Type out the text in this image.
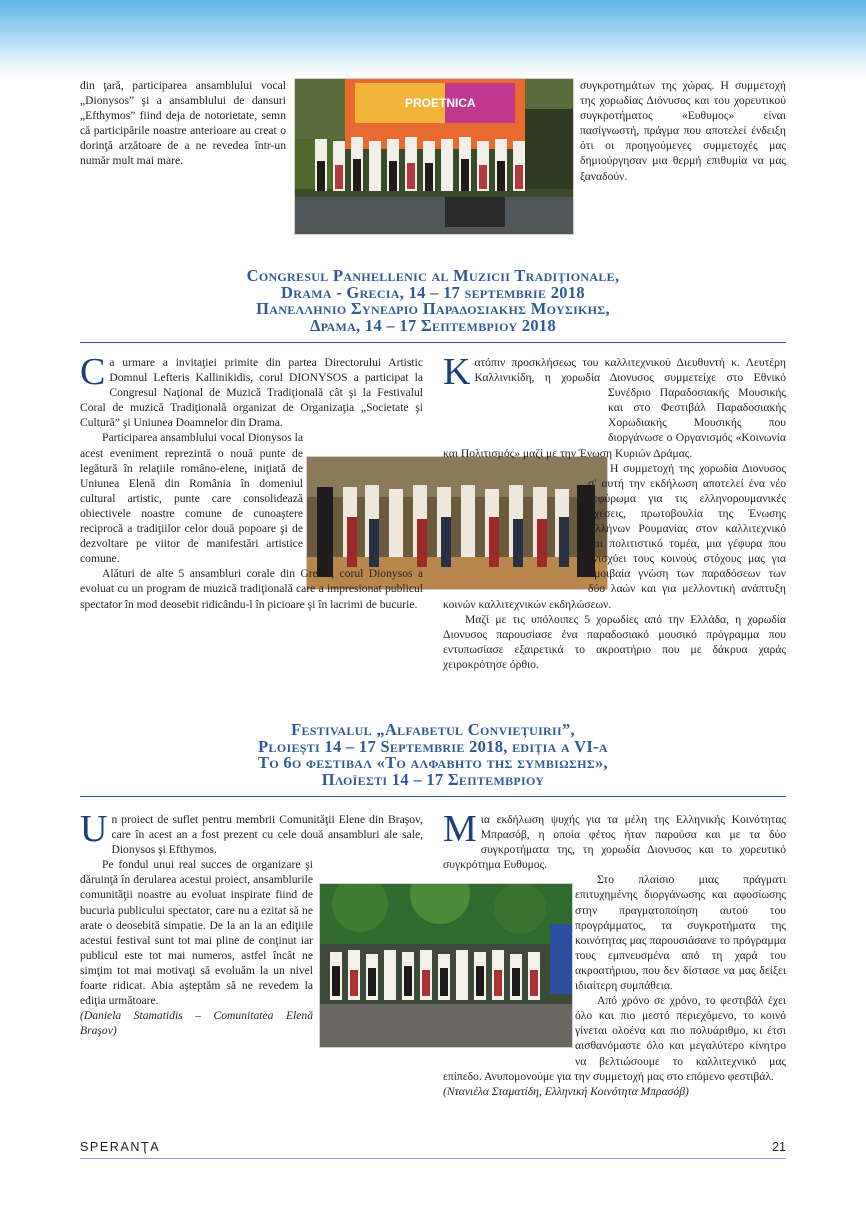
din ţară, participarea ansamblului vocal „Dionysos” şi a ansamblului de dansuri „Efthymos” fiind deja de notorietate, semn că participările noastre anterioare au creat o dorinţă arzătoare de a ne revedea într-un număr mult mai mare.

PROETNICA

συγκροτημάτων της χώρας. Η συμμετοχή της χορωδίας Διόνυσος και του χορευτικού συγκροτήματος «Ευθυμος» είναι πασίγνωστή, πράγμα που αποτελεί ένδειξη ότι οι προηγούμενες συμμετοχές μας δημιούργησαν μια θερμή επιθυμία να μας ξαναδούν.

Congresul Panhellenic al Muzicii Tradiţionale,
Drama - Grecia, 14 – 17 septembrie 2018
Πανελληνιο Συνεδριο Παραδοσιακης Μουσικης,
Δραμα, 14 – 17 Σεπτεμβριου 2018

Ca urmare a invitaţiei primite din partea Directorului Artistic Domnul Lefteris Kallinikidis, corul DIONYSOS a participat la Congresul Naţional de Muzică Tradiţională cât şi la Festivalul Coral de muzică Tradiţională organizat de Organizaţia „Societate şi Cultură” şi Uniunea Doamnelor din Drama.

Participarea ansamblului vocal Dionysos la acest eveniment reprezintă o nouă punte de legătură în relaţiile româno-elene, iniţiată de Uniunea Elenă din România în domeniul cultural artistic, punte care consolidează obiectivele noastre comune de cunoaştere reciprocă a tradiţiilor celor două popoare şi de dezvoltare pe viitor de manifestări artistice comune.

Alături de alte 5 ansambluri corale din Grecia, corul Dionysos a evoluat cu un program de muzică tradiţională care a impresionat publicul spectator în mod deosebit ridicându-l în picioare şi în lacrimi de bucurie.

Κατόπιν προσκλήσεως του καλλιτεχνικού Διευθυντή κ. Λευτέρη Καλλινικίδη, η χορωδία Διονυσος συμμετείχε στο Εθνικό Συνέδριο Παραδοσιακής Μουσικής και στο Φεστιβάλ Παραδοσιακής Χορωδιακής Μουσικής που διοργάνωσε ο Οργανισμός «Κοινωνία και Πολιτισμός» μαζί με την Ένωση Κυριών Δράμας.

Η συμμετοχή της χορωδία Διονυσος σ' αυτή την εκδήλωση αποτελεί ένα νέο γεφύρωμα για τις ελληνορουμανικές σχέσεις, πρωτοβουλία της Ένωσης Ελλήνων Ρουμανίας στον καλλιτεχνικό και πολιτιστικό τομέα, μια γέφυρα που ενισχύει τους κοινούς στόχους μας για αμοιβαία γνώση των παραδόσεων των δύο λαών και για μελλοντική ανάπτυξη κοινών καλλιτεχνικών εκδηλώσεων.

Μαζί με τις υπόλοιπες 5 χορωδίες από την Ελλάδα, η χορωδία Διονυσος παρουσίασε ένα παραδοσιακό μουσικό πρόγραμμα που εντυπωσίασε εξαιρετικά το ακροατήριο που με δάκρυα χαράς χειροκρότησε όρθιο.

Festivalul „Alfabetul Convieţuirii”,
Ploieşti 14 – 17 Septembrie 2018, ediţia a VI-a
Το 6ο φεστιβαλ «Το αλφαβητο της συμβιωσης»,
Πλοϊεστι 14 – 17 Σεπτεμβριου

Un proiect de suflet pentru membrii Comunităţii Elene din Braşov, care în acest an a fost prezent cu cele două ansambluri ale sale, Dionysos şi Efthymos.

Pe fondul unui real succes de organizare şi dăruinţă în derularea acestui proiect, ansamblurile comunităţii noastre au evoluat inspirate fiind de bucuria publicului spectator, care nu a ezitat să ne arate o deosebită simpatie. De la an la an ediţiile acestui festival sunt tot mai pline de conţinut iar publicul este tot mai numeros, astfel încât ne simţim tot mai motivaţi să evoluăm la un nivel foarte ridicat. Abia aşteptăm să ne revedem la ediţia următoare.

(Daniela Stamatidis – Comunitatea Elenă Braşov)

Μια εκδήλωση ψυχής για τα μέλη της Ελληνικής Κοινότητας Μπρασόβ, η οποία φέτος ήταν παρούσα και με τα δύο συγκροτήματα της, τη χορωδία Διονυσος και το χορευτικό συγκρότημα Ευθυμος.

Στο πλαίσιο μιας πράγματι επιτυχημένης διοργάνωσης και αφοσίωσης στην πραγματοποίηση αυτού του προγράμματος, τα συγκροτήματα της κοινότητας μας παρουσιάσανε το πρόγραμμα τους εμπνευσμένα από τη χαρά του ακροατήριου, που δεν δίστασε να μας δείξει ιδιαίτερη συμπάθεια.

Από χρόνο σε χρόνο, το φεστιβάλ έχει όλο και πιο μεστό περιεχόμενο, το κοινό γίνεται ολοένα και πιο πολυάριθμο, κι έτσι αισθανόμαστε όλο και μεγαλύτερο κίνητρο να βελτιώσουμε το καλλιτεχνικό μας επίπεδο. Ανυπομονούμε για την συμμετοχή μας στο επόμενο φεστιβάλ.

(Ντανιέλα Σταματίδη, Ελληνική Κοινότητα Μπρασόβ)

SPERANŢA	21
